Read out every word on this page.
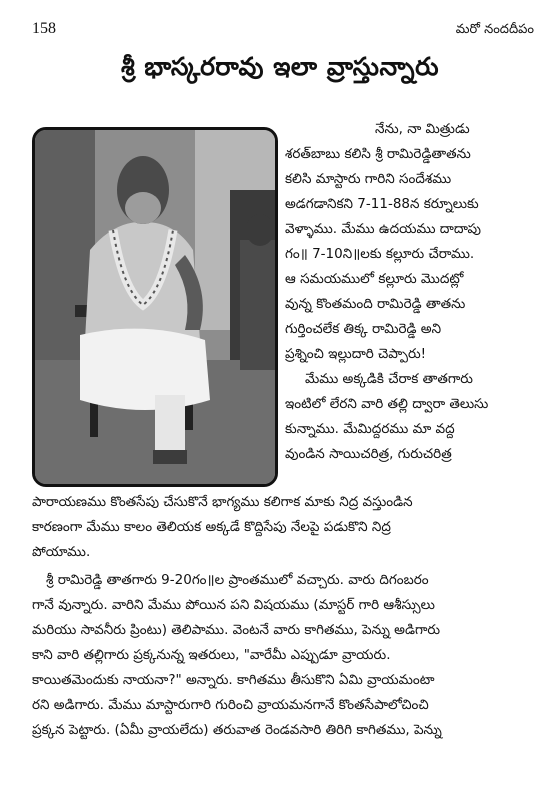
158	మరో నందదీపం
శ్రీ భాస్కరరావు ఇలా వ్రాస్తున్నారు
నేను, నా మిత్రుడు
శరత్‌బాబు కలిసి శ్రీ రామిరెడ్డితాతను
కలిసి మాస్టారు గారిని సందేశము
అడగడానికని 7-11-88న కర్నూలుకు
వెళ్ళాము. మేము ఉదయము దాదాపు
గం॥ 7-10ని॥లకు కల్లూరు చేరాము.
ఆ సమయములో కల్లూరు మొదట్లో
వున్న కొంతమంది రామిరెడ్డి తాతను
గుర్తించలేక తిక్క రామిరెడ్డి అని
ప్రశ్నించి ఇల్లుదారి చెప్పారు!
మేము అక్కడికి చేరాక తాతగారు
ఇంటిలో లేరని వారి తల్లి ద్వారా తెలుసు
కున్నాము. మేమిద్దరము మా వద్ద
వుండిన సాయిచరిత్ర, గురుచరిత్ర
పారాయణము కొంతసేపు చేసుకొనే భాగ్యము కలిగాక మాకు నిద్ర వస్తుండిన
కారణంగా మేము కాలం తెలియక అక్కడే కొద్దిసేపు నేలపై పడుకొని నిద్ర
పోయాము.
శ్రీ రామిరెడ్డి తాతగారు 9-20గం॥ల ప్రాంతములో వచ్చారు. వారు దిగంబరం
గానే వున్నారు. వారిని మేము పోయిన పని విషయము (మాస్టర్ గారి ఆశీస్సులు
మరియు సావనీరు ప్రింటు) తెలిపాము. వెంటనే వారు కాగితము, పెన్ను అడిగారు
కాని వారి తల్లిగారు ప్రక్కనున్న ఇతరులు, "వారేమీ ఎప్పుడూ వ్రాయరు.
కాయితమెందుకు నాయనా?" అన్నారు. కాగితము తీసుకొని ఏమి వ్రాయమంటా
రని అడిగారు. మేము మాస్టారుగారి గురించి వ్రాయమనగానే కొంతసేపాలోచించి
ప్రక్కన పెట్టారు. (ఏమీ వ్రాయలేదు) తరువాత రెండవసారి తిరిగి కాగితము, పెన్ను
